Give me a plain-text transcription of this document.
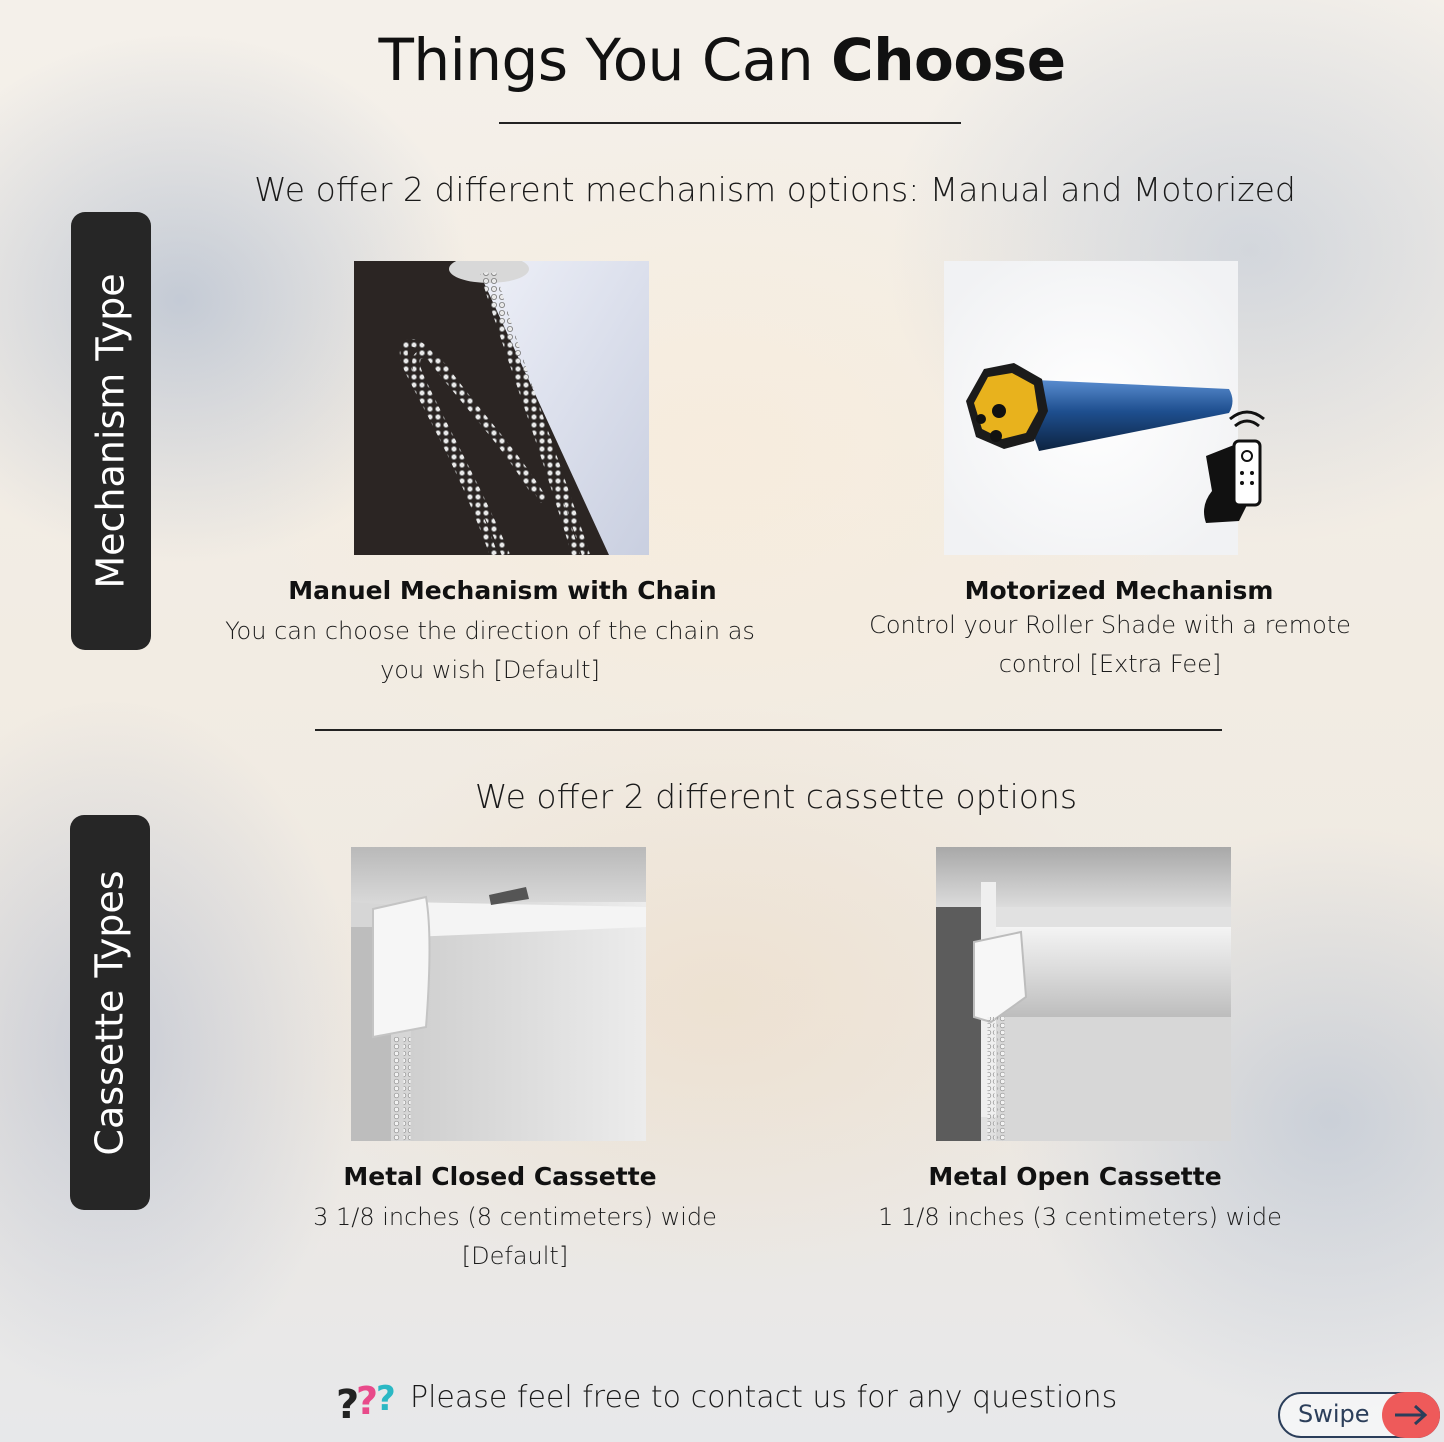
Things You Can Choose
We offer 2 different mechanism options: Manual and Motorized
Mechanism Type
Manuel Mechanism with Chain
You can choose the direction of the chain as
you wish [Default]
Motorized Mechanism
Control your Roller Shade with a remote
control [Extra Fee]
We offer 2 different cassette options
Cassette Types
Metal Closed Cassette
3 1/8 inches (8 centimeters) wide
[Default]
Metal Open Cassette
1 1/8 inches (3 centimeters) wide
?
?
? Please feel free to contact us for any questions	Swipe
